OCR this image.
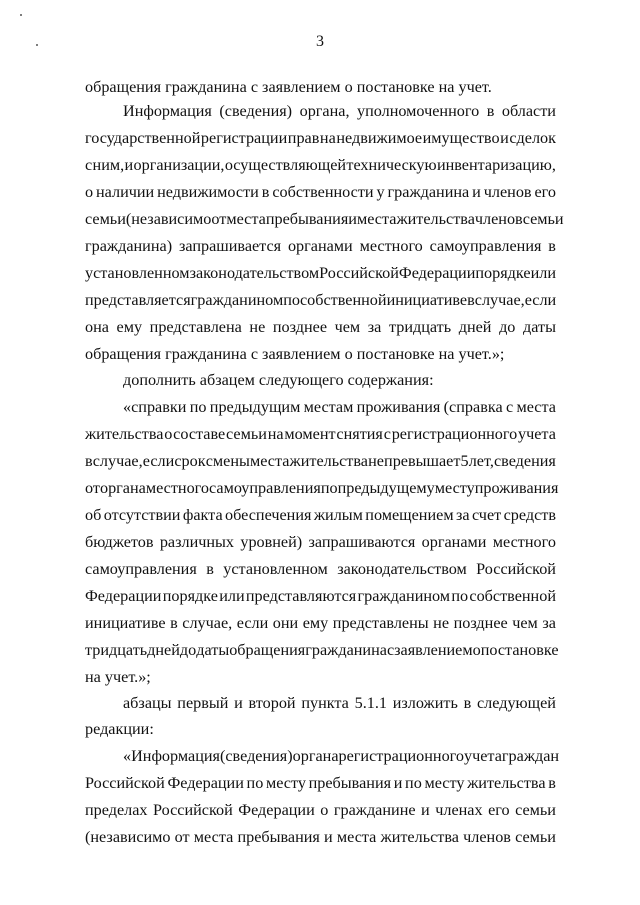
3
обращения гражданина с заявлением о постановке на учет.
Информация (сведения) органа, уполномоченного в области
государственной регистрации прав на недвижимое имущество и сделок
с ним, и организации, осуществляющей техническую инвентаризацию,
о наличии недвижимости в собственности у гражданина и членов его
семьи (независимо от места пребывания и места жительства членов семьи
гражданина) запрашивается органами местного самоуправления в
установленном законодательством Российской Федерации порядке или
представляется гражданином по собственной инициативе в случае, если
она ему представлена не позднее чем за тридцать дней до даты
обращения гражданина с заявлением о постановке на учет.»;
дополнить абзацем следующего содержания:
«справки по предыдущим местам проживания (справка с места
жительства о составе семьи на момент снятия с регистрационного учета
в случае, если срок смены места жительства не превышает 5 лет, сведения
от органа местного самоуправления по предыдущему месту проживания
об отсутствии факта обеспечения жилым помещением за счет средств
бюджетов различных уровней) запрашиваются органами местного
самоуправления в установленном законодательством Российской
Федерации порядке или представляются гражданином по собственной
инициативе в случае, если они ему представлены не позднее чем за
тридцать дней до даты обращения гражданина с заявлением о постановке
на учет.»;
абзацы первый и второй пункта 5.1.1 изложить в следующей
редакции:
«Информация (сведения) органа регистрационного учета граждан
Российской Федерации по месту пребывания и по месту жительства в
пределах Российской Федерации о гражданине и членах его семьи
(независимо от места пребывания и места жительства членов семьи
